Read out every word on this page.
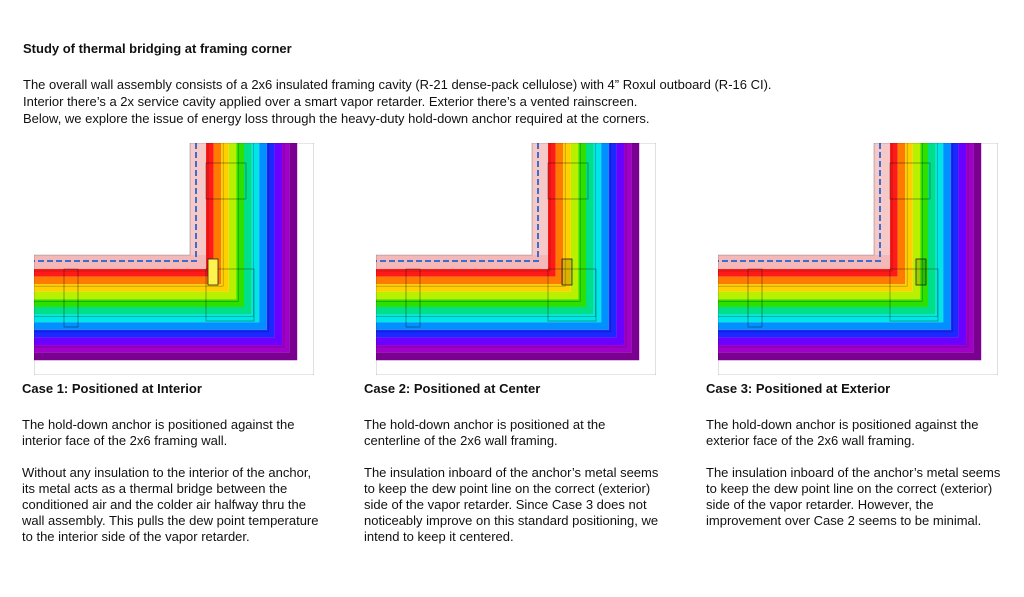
Study of thermal bridging at framing corner

The overall wall assembly consists of a 2x6 insulated framing cavity (R-21 dense-pack cellulose) with 4” Roxul outboard (R-16 CI).

Interior there’s a 2x service cavity applied over a smart vapor retarder. Exterior there’s a vented rainscreen.

Below, we explore the issue of energy loss through the heavy-duty hold-down anchor required at the corners.

Case 1: Positioned at Interior

The hold-down anchor is positioned against the interior face of the 2x6 framing wall.

Without any insulation to the interior of the anchor, its metal acts as a thermal bridge between the conditioned air and the colder air halfway thru the wall assembly. This pulls the dew point temperature to the interior side of the vapor retarder.

Case 2: Positioned at Center

The hold-down anchor is positioned at the centerline of the 2x6 wall framing.

The insulation inboard of the anchor’s metal seems to keep the dew point line on the correct (exterior) side of the vapor retarder. Since Case 3 does not noticeably improve on this standard positioning, we intend to keep it centered.

Case 3: Positioned at Exterior

The hold-down anchor is positioned against the exterior face of the 2x6 wall framing.

The insulation inboard of the anchor’s metal seems to keep the dew point line on the correct (exterior) side of the vapor retarder. However, the improvement over Case 2 seems to be minimal.
